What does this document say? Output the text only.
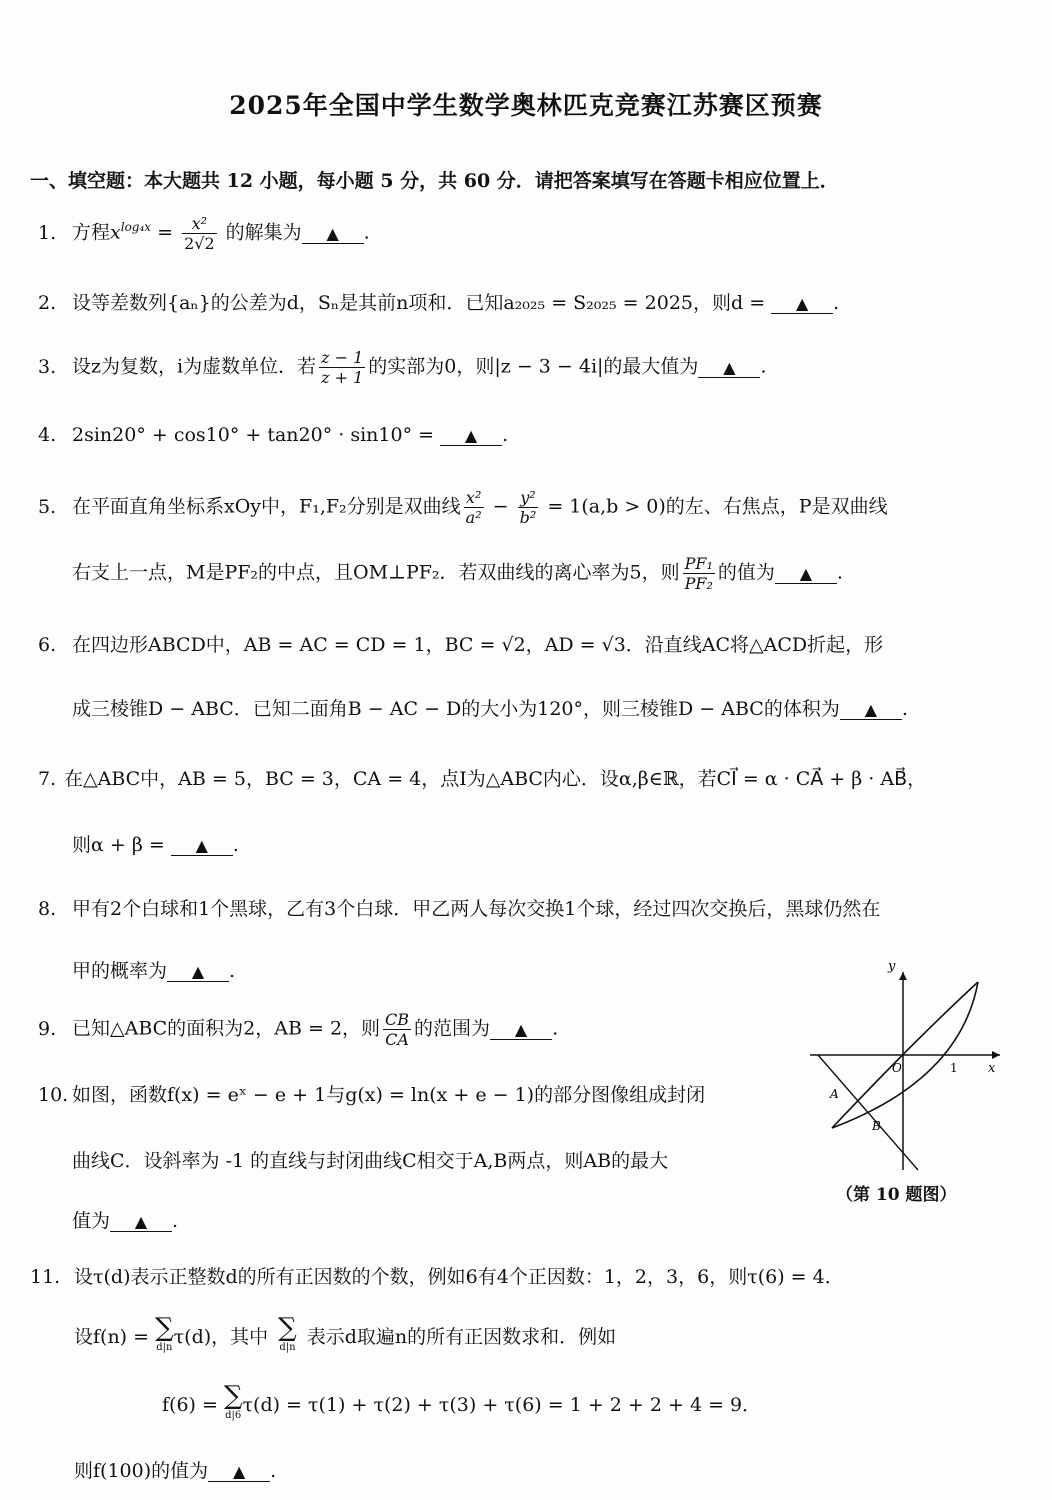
2025年全国中学生数学奥林匹克竞赛江苏赛区预赛
一、填空题：本大题共 12 小题，每小题 5 分，共 60 分．请把答案填写在答题卡相应位置上．
1. 方程$x^{log_4x} = \frac{\text{x²}}{2√2}$ 的解集为 ▲ .
2. 设等差数列{aₙ}的公差为d，Sₙ是其前n项和．已知a₂₀₂₅ = S₂₀₂₅ = 2025，则d = ▲ .
3. 设z为复数，i为虚数单位．若 $\frac{z - 1}{z + 1}$ 的实部为0，则|z − 3 − 4i|的最大值为 ▲ .
4. 2sin20° + cos10° + tan20° · sin10° = ▲ .
5. 在平面直角坐标系xOy中，F₁,F₂分别是双曲线 $\frac{\text{x²}}{\text{a²}} - \frac{\text{y²}}{\text{b²}} = 1(a,b > 0)$的左、右焦点，P是双曲线
右支上一点，M是PF₂的中点，且OM⊥PF₂．若双曲线的离心率为5，则 $\frac{\text{PF₁}}{\text{PF₂}}$ 的值为 ▲ .
6. 在四边形ABCD中，AB = AC = CD = 1，BC = √2，AD = √3．沿直线AC将△ACD折起，形
成三棱锥D − ABC．已知二面角B − AC − D的大小为120°，则三棱锥D − ABC的体积为 ▲ .
7. 在△ABC中，AB = 5，BC = 3，CA = 4，点I为△ABC内心．设α,β∈ℝ，若CI⃗ = α · CA⃗ + β · AB⃗，
则α + β = ▲ .
8. 甲有2个白球和1个黑球，乙有3个白球．甲乙两人每次交换1个球，经过四次交换后，黑球仍然在
甲的概率为 ▲ .
9. 已知△ABC的面积为2，AB = 2，则 $\frac{CB}{CA}$ 的范围为 ▲ .
10. 如图，函数f(x) = eˣ − e + 1与g(x) = ln(x + e − 1)的部分图像组成封闭
曲线C．设斜率为 -1 的直线与封闭曲线C相交于A,B两点，则AB的最大
值为 ▲ .
y
x
O	1
A
B
（第 10 题图）
11. 设τ(d)表示正整数d的所有正因数的个数，例如6有4个正因数：1，2，3，6，则τ(6) = 4．
设f(n) = ∑
d|n τ(d)，其中 ∑
d|n 表示d取遍n的所有正因数求和．例如
f(6) = ∑
d|6 τ(d) = τ(1) + τ(2) + τ(3) + τ(6) = 1 + 2 + 2 + 4 = 9．
则f(100)的值为 ▲ .
